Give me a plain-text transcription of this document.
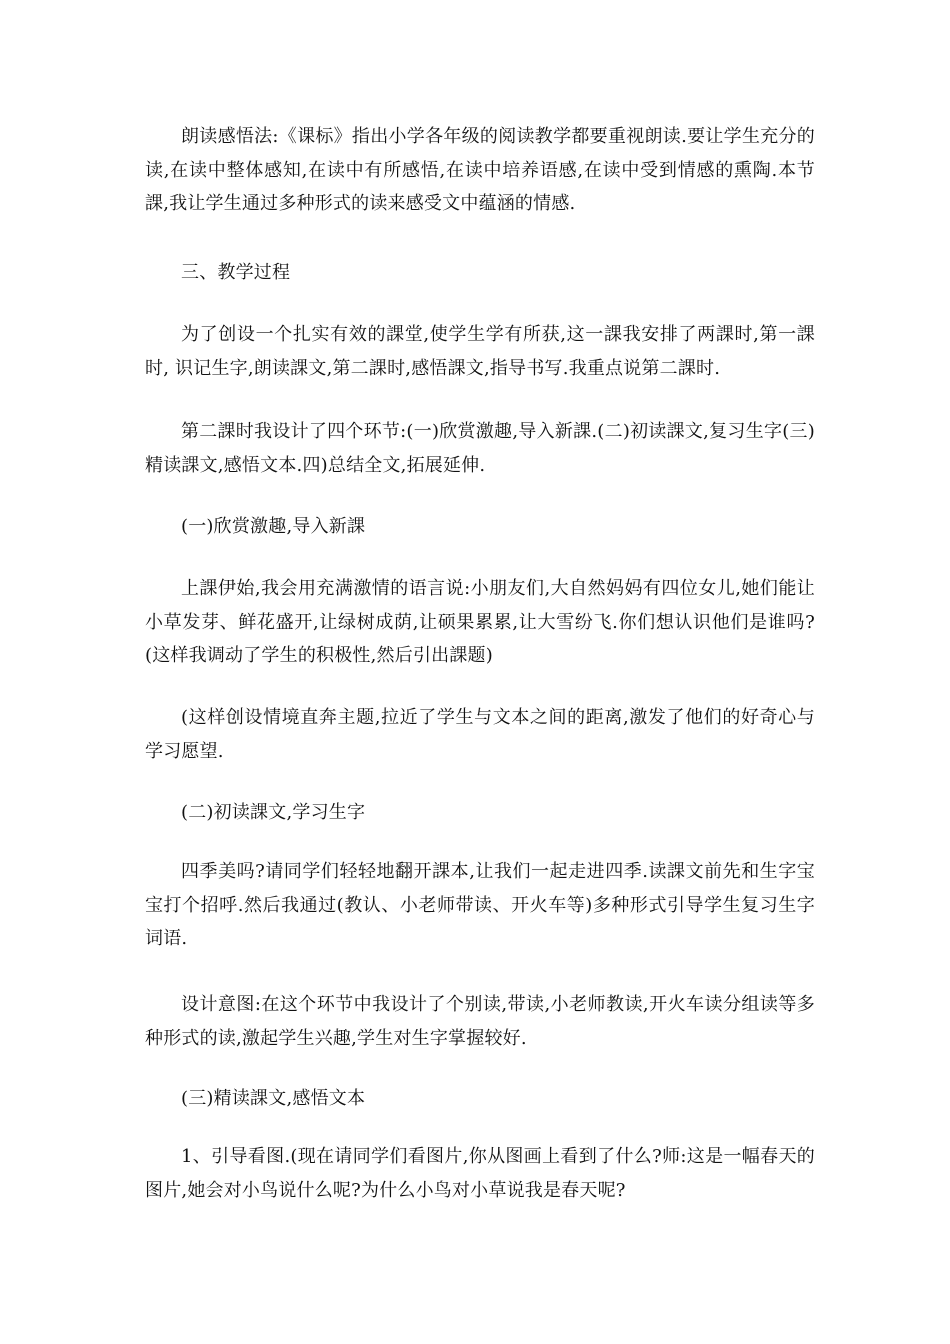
朗读感悟法:《课标》指出小学各年级的阅读教学都要重视朗读.要让学生充分的读,在读中整体感知,在读中有所感悟,在读中培养语感,在读中受到情感的熏陶.本节課,我让学生通过多种形式的读来感受文中蕴涵的情感.

三、教学过程

为了创设一个扎实有效的課堂,使学生学有所获,这一課我安排了两課时,第一課时, 识记生字,朗读課文,第二課时,感悟課文,指导书写.我重点说第二課时.

第二課时我设计了四个环节:(一)欣赏激趣,导入新課.(二)初读課文,复习生字(三)精读課文,感悟文本.四)总结全文,拓展延伸.

(一)欣赏激趣,导入新課

上課伊始,我会用充满激情的语言说:小朋友们,大自然妈妈有四位女儿,她们能让小草发芽、鲜花盛开,让绿树成荫,让硕果累累,让大雪纷飞.你们想认识他们是谁吗?(这样我调动了学生的积极性,然后引出課题)

(这样创设情境直奔主题,拉近了学生与文本之间的距离,激发了他们的好奇心与学习愿望.

(二)初读課文,学习生字

四季美吗?请同学们轻轻地翻开課本,让我们一起走进四季.读課文前先和生字宝宝打个招呼.然后我通过(教认、小老师带读、开火车等)多种形式引导学生复习生字词语.

设计意图:在这个环节中我设计了个别读,带读,小老师教读,开火车读分组读等多种形式的读,激起学生兴趣,学生对生字掌握较好.

(三)精读課文,感悟文本

1、引导看图.(现在请同学们看图片,你从图画上看到了什么?师:这是一幅春天的图片,她会对小鸟说什么呢?为什么小鸟对小草说我是春天呢?
